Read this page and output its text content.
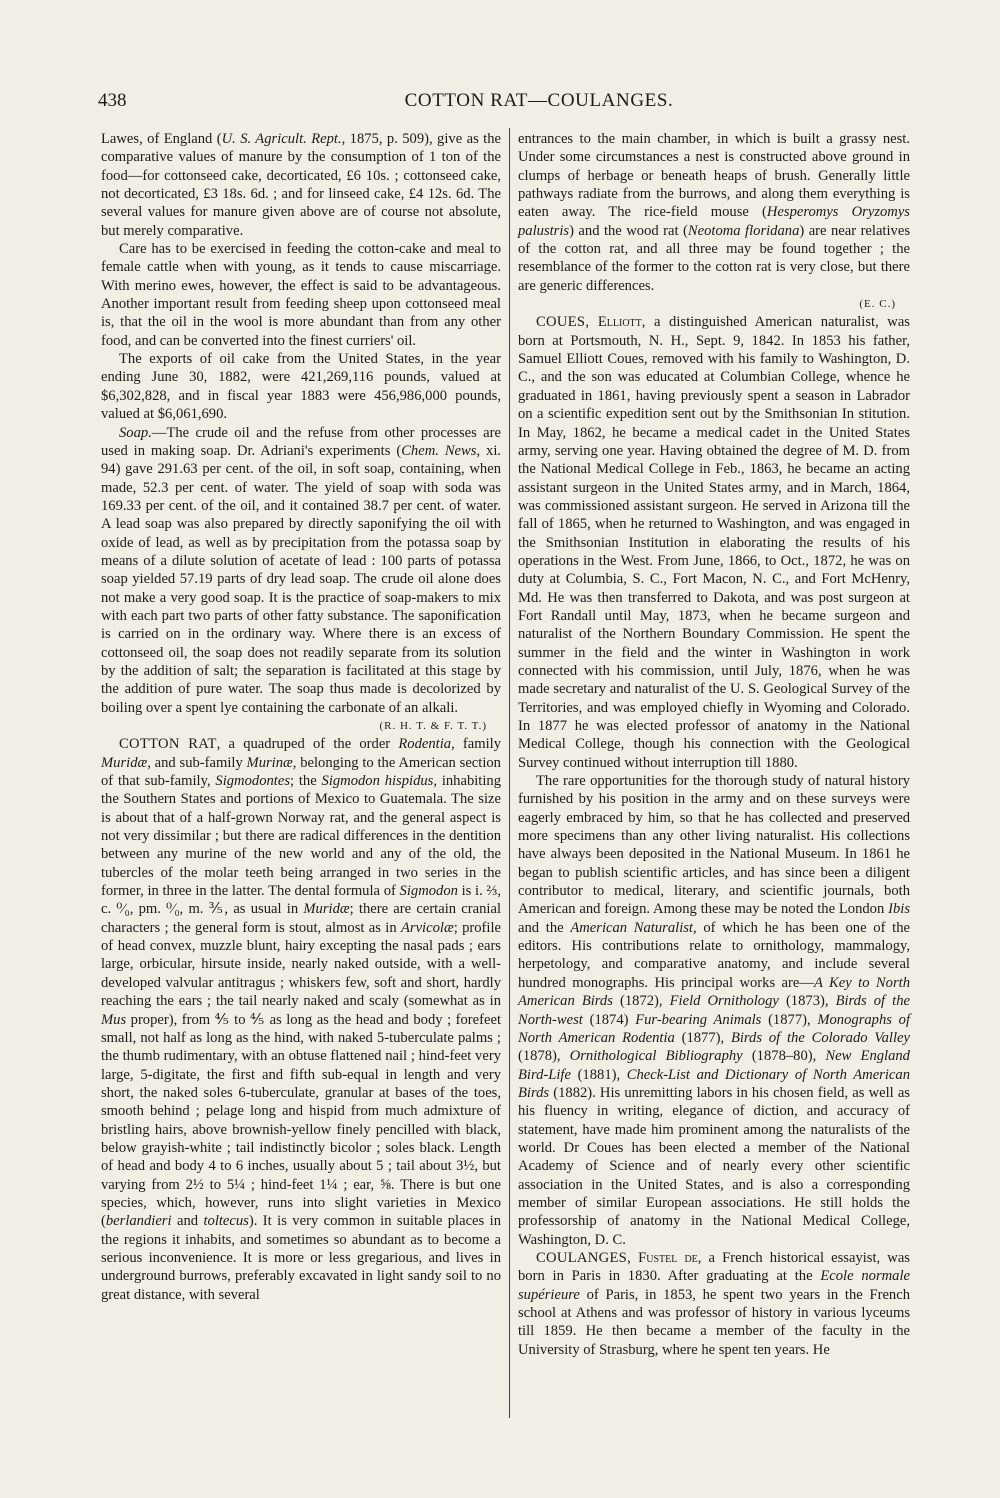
438	COTTON RAT—COULANGES.

Lawes, of England (U. S. Agricult. Rept., 1875, p. 509), give as the comparative values of manure by the consumption of 1 ton of the food—for cottonseed cake, decorticated, £6 10s. ; cottonseed cake, not decorticated, £3 18s. 6d. ; and for linseed cake, £4 12s. 6d. The several values for manure given above are of course not absolute, but merely comparative.

Care has to be exercised in feeding the cotton-cake and meal to female cattle when with young, as it tends to cause miscarriage. With merino ewes, however, the effect is said to be advantageous. Another important result from feeding sheep upon cottonseed meal is, that the oil in the wool is more abundant than from any other food, and can be converted into the finest curriers' oil.

The exports of oil cake from the United States, in the year ending June 30, 1882, were 421,269,116 pounds, valued at $6,302,828, and in fiscal year 1883 were 456,986,000 pounds, valued at $6,061,690.

Soap.—The crude oil and the refuse from other processes are used in making soap. Dr. Adriani's experiments (Chem. News, xi. 94) gave 291.63 per cent. of the oil, in soft soap, containing, when made, 52.3 per cent. of water. The yield of soap with soda was 169.33 per cent. of the oil, and it contained 38.7 per cent. of water. A lead soap was also prepared by directly saponifying the oil with oxide of lead, as well as by precipitation from the potassa soap by means of a dilute solution of acetate of lead : 100 parts of potassa soap yielded 57.19 parts of dry lead soap. The crude oil alone does not make a very good soap. It is the practice of soap-makers to mix with each part two parts of other fatty substance. The saponification is carried on in the ordinary way. Where there is an excess of cottonseed oil, the soap does not readily separate from its solution by the addition of salt; the separation is facilitated at this stage by the addition of pure water. The soap thus made is decolorized by boiling over a spent lye containing the carbonate of an alkali.

(R. H. T. & F. T. T.)

COTTON RAT, a quadruped of the order Rodentia, family Muridæ, and sub-family Murinæ, belonging to the American section of that sub-family, Sigmodontes; the Sigmodon hispidus, inhabiting the Southern States and portions of Mexico to Guatemala. The size is about that of a half-grown Norway rat, and the general aspect is not very dissimilar ; but there are radical differences in the dentition between any murine of the new world and any of the old, the tubercles of the molar teeth being arranged in two series in the former, in three in the latter. The dental formula of Sigmodon is i. ⅔, c. ⁰⁄₀, pm. ⁰⁄₀, m. ⅗, as usual in Muridæ; there are certain cranial characters ; the general form is stout, almost as in Arvicolæ; profile of head convex, muzzle blunt, hairy excepting the nasal pads ; ears large, orbicular, hirsute inside, nearly naked outside, with a well-developed valvular antitragus ; whiskers few, soft and short, hardly reaching the ears ; the tail nearly naked and scaly (somewhat as in Mus proper), from ⅘ to ⅘ as long as the head and body ; forefeet small, not half as long as the hind, with naked 5-tuberculate palms ; the thumb rudimentary, with an obtuse flattened nail ; hind-feet very large, 5-digitate, the first and fifth sub-equal in length and very short, the naked soles 6-tuberculate, granular at bases of the toes, smooth behind ; pelage long and hispid from much admixture of bristling hairs, above brownish-yellow finely pencilled with black, below grayish-white ; tail indistinctly bicolor ; soles black. Length of head and body 4 to 6 inches, usually about 5 ; tail about 3½, but varying from 2½ to 5¼ ; hind-feet 1¼ ; ear, ⅝. There is but one species, which, however, runs into slight varieties in Mexico (berlandieri and toltecus). It is very common in suitable places in the regions it inhabits, and sometimes so abundant as to become a serious inconvenience. It is more or less gregarious, and lives in underground burrows, preferably excavated in light sandy soil to no great distance, with several

entrances to the main chamber, in which is built a grassy nest. Under some circumstances a nest is constructed above ground in clumps of herbage or beneath heaps of brush. Generally little pathways radiate from the burrows, and along them everything is eaten away. The rice-field mouse (Hesperomys Oryzomys palustris) and the wood rat (Neotoma floridana) are near relatives of the cotton rat, and all three may be found together ; the resemblance of the former to the cotton rat is very close, but there are generic differences.

(E. C.)

COUES, Elliott, a distinguished American naturalist, was born at Portsmouth, N. H., Sept. 9, 1842. In 1853 his father, Samuel Elliott Coues, removed with his family to Washington, D. C., and the son was educated at Columbian College, whence he graduated in 1861, having previously spent a season in Labrador on a scientific expedition sent out by the Smithsonian In stitution. In May, 1862, he became a medical cadet in the United States army, serving one year. Having obtained the degree of M. D. from the National Medical College in Feb., 1863, he became an acting assistant surgeon in the United States army, and in March, 1864, was commissioned assistant surgeon. He served in Arizona till the fall of 1865, when he returned to Washington, and was engaged in the Smithsonian Institution in elaborating the results of his operations in the West. From June, 1866, to Oct., 1872, he was on duty at Columbia, S. C., Fort Macon, N. C., and Fort McHenry, Md. He was then transferred to Dakota, and was post surgeon at Fort Randall until May, 1873, when he became surgeon and naturalist of the Northern Boundary Commission. He spent the summer in the field and the winter in Washington in work connected with his commission, until July, 1876, when he was made secretary and naturalist of the U. S. Geological Survey of the Territories, and was employed chiefly in Wyoming and Colorado. In 1877 he was elected professor of anatomy in the National Medical College, though his connection with the Geological Survey continued without interruption till 1880.

The rare opportunities for the thorough study of natural history furnished by his position in the army and on these surveys were eagerly embraced by him, so that he has collected and preserved more specimens than any other living naturalist. His collections have always been deposited in the National Museum. In 1861 he began to publish scientific articles, and has since been a diligent contributor to medical, literary, and scientific journals, both American and foreign. Among these may be noted the London Ibis and the American Naturalist, of which he has been one of the editors. His contributions relate to ornithology, mammalogy, herpetology, and comparative anatomy, and include several hundred monographs. His principal works are—A Key to North American Birds (1872), Field Ornithology (1873), Birds of the North-west (1874) Fur-bearing Animals (1877), Monographs of North American Rodentia (1877), Birds of the Colorado Valley (1878), Ornithological Bibliography (1878–80), New England Bird-Life (1881), Check-List and Dictionary of North American Birds (1882). His unremitting labors in his chosen field, as well as his fluency in writing, elegance of diction, and accuracy of statement, have made him prominent among the naturalists of the world. Dr Coues has been elected a member of the National Academy of Science and of nearly every other scientific association in the United States, and is also a corresponding member of similar European associations. He still holds the professorship of anatomy in the National Medical College, Washington, D. C.

COULANGES, Fustel de, a French historical essayist, was born in Paris in 1830. After graduating at the Ecole normale supérieure of Paris, in 1853, he spent two years in the French school at Athens and was professor of history in various lyceums till 1859. He then became a member of the faculty in the University of Strasburg, where he spent ten years. He
